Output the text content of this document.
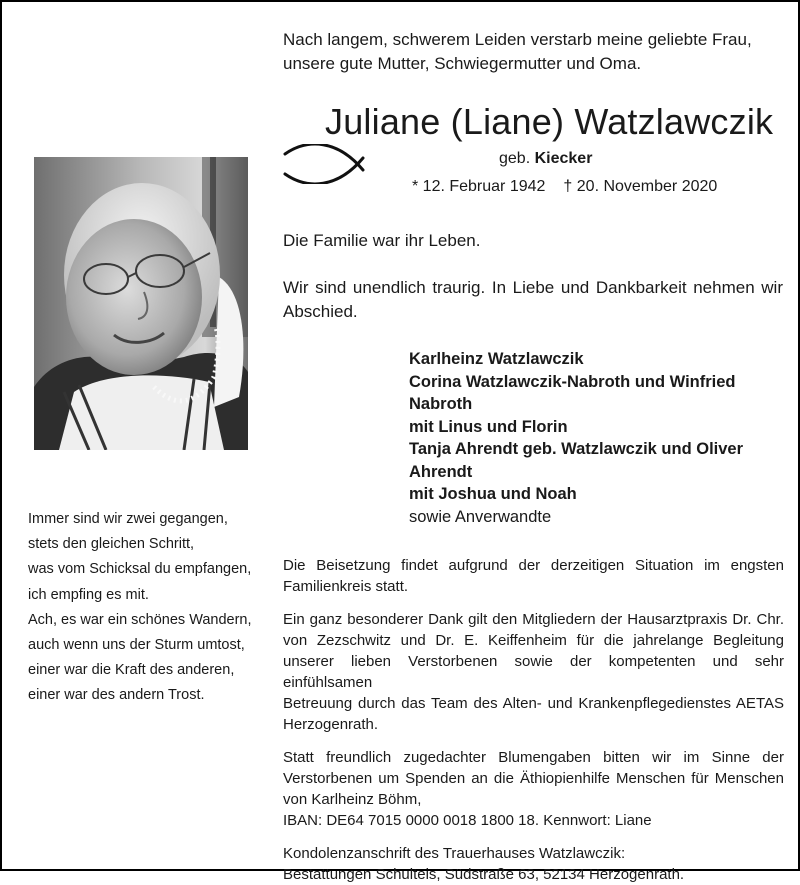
Nach langem, schwerem Leiden verstarb meine geliebte Frau,
unsere gute Mutter, Schwiegermutter und Oma.
Juliane (Liane) Watzlawczik
geb. Kiecker
* 12. Februar 1942 † 20. November 2020
Die Familie war ihr Leben.
Wir sind unendlich traurig. In Liebe und Dankbarkeit nehmen wir Abschied.
Immer sind wir zwei gegangen,
stets den gleichen Schritt,
was vom Schicksal du empfangen,
ich empfing es mit.
Ach, es war ein schönes Wandern,
auch wenn uns der Sturm umtost,
einer war die Kraft des anderen,
einer war des andern Trost.
Karlheinz Watzlawczik
Corina Watzlawczik-Nabroth und Winfried
Nabroth
mit Linus und Florin
Tanja Ahrendt geb. Watzlawczik und Oliver
Ahrendt
mit Joshua und Noah
sowie Anverwandte

Die Beisetzung findet aufgrund der derzeitigen Situation im engsten
Familienkreis statt.

Ein ganz besonderer Dank gilt den Mitgliedern der Hausarztpraxis Dr. Chr.
von Zezschwitz und Dr. E. Keiffenheim für die jahrelange Begleitung
unserer lieben Verstorbenen sowie der kompetenten und sehr einfühlsamen
Betreuung durch das Team des Alten- und Krankenpflegedienstes AETAS
Herzogenrath.

Statt freundlich zugedachter Blumengaben bitten wir im Sinne der
Verstorbenen um Spenden an die Äthiopienhilfe Menschen für Menschen
von Karlheinz Böhm,
IBAN: DE64 7015 0000 0018 1800 18. Kennwort: Liane

Kondolenzanschrift des Trauerhauses Watzlawczik:
Bestattungen Schulteis, Südstraße 63, 52134 Herzogenrath.
